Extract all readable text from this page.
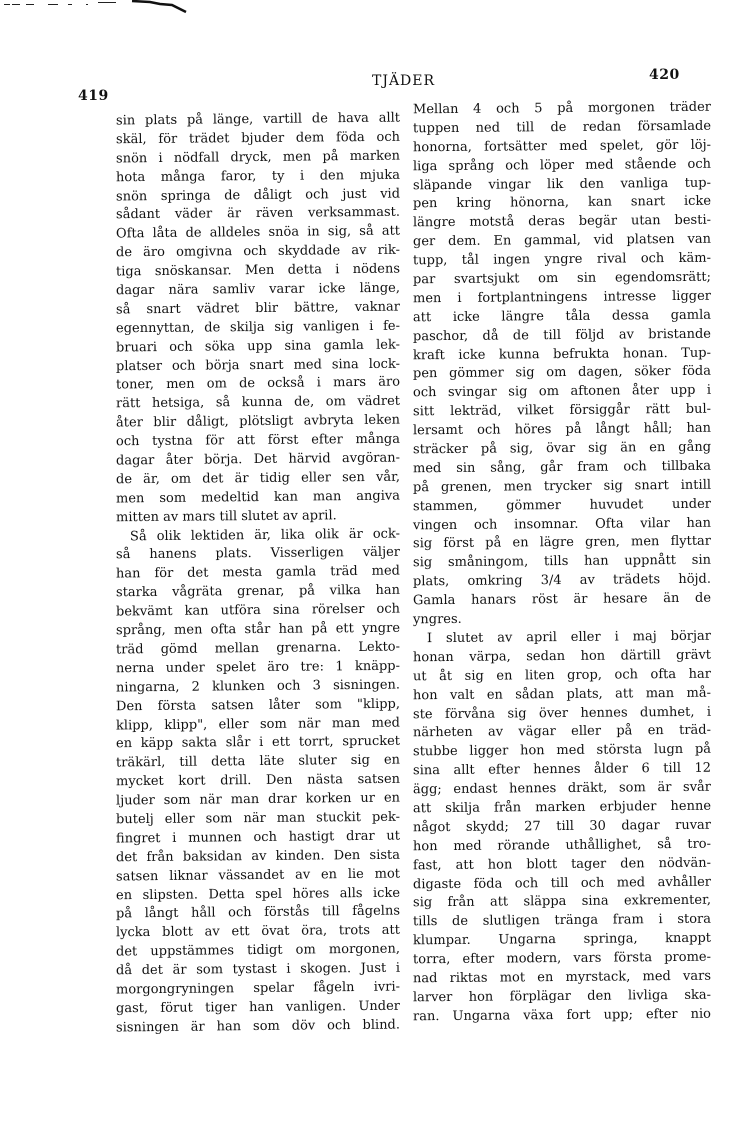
419
TJÄDER	420
sin plats på länge, vartill de hava allt
skäl, för trädet bjuder dem föda och
snön i nödfall dryck, men på marken
hota många faror, ty i den mjuka
snön springa de dåligt och just vid
sådant väder är räven verksammast.
Ofta låta de alldeles snöa in sig, så att
de äro omgivna och skyddade av rik-
tiga snöskansar. Men detta i nödens
dagar nära samliv varar icke länge,
så snart vädret blir bättre, vaknar
egennyttan, de skilja sig vanligen i fe-
bruari och söka upp sina gamla lek-
platser och börja snart med sina lock-
toner, men om de också i mars äro
rätt hetsiga, så kunna de, om vädret
åter blir dåligt, plötsligt avbryta leken
och tystna för att först efter många
dagar åter börja. Det härvid avgöran-
de är, om det är tidig eller sen vår,
men som medeltid kan man angiva
mitten av mars till slutet av april.
Så olik lektiden är, lika olik är ock-
så hanens plats. Visserligen väljer
han för det mesta gamla träd med
starka vågräta grenar, på vilka han
bekvämt kan utföra sina rörelser och
språng, men ofta står han på ett yngre
träd gömd mellan grenarna. Lekto-
nerna under spelet äro tre: 1 knäpp-
ningarna, 2 klunken och 3 sisningen.
Den första satsen låter som "klipp,
klipp, klipp", eller som när man med
en käpp sakta slår i ett torrt, sprucket
träkärl, till detta läte sluter sig en
mycket kort drill. Den nästa satsen
ljuder som när man drar korken ur en
butelj eller som när man stuckit pek-
fingret i munnen och hastigt drar ut
det från baksidan av kinden. Den sista
satsen liknar vässandet av en lie mot
en slipsten. Detta spel höres alls icke
på långt håll och förstås till fågelns
lycka blott av ett övat öra, trots att
det uppstämmes tidigt om morgonen,
då det är som tystast i skogen. Just i
morgongryningen spelar fågeln ivri-
gast, förut tiger han vanligen. Under
sisningen är han som döv och blind.
Mellan 4 och 5 på morgonen träder
tuppen ned till de redan församlade
honorna, fortsätter med spelet, gör löj-
liga språng och löper med stående och
släpande vingar lik den vanliga tup-
pen kring hönorna, kan snart icke
längre motstå deras begär utan besti-
ger dem. En gammal, vid platsen van
tupp, tål ingen yngre rival och käm-
par svartsjukt om sin egendomsrätt;
men i fortplantningens intresse ligger
att icke längre tåla dessa gamla
paschor, då de till följd av bristande
kraft icke kunna befrukta honan. Tup-
pen gömmer sig om dagen, söker föda
och svingar sig om aftonen åter upp i
sitt lekträd, vilket försiggår rätt bul-
lersamt och höres på långt håll; han
sträcker på sig, övar sig än en gång
med sin sång, går fram och tillbaka
på grenen, men trycker sig snart intill
stammen, gömmer huvudet under
vingen och insomnar. Ofta vilar han
sig först på en lägre gren, men flyttar
sig småningom, tills han uppnått sin
plats, omkring 3/4 av trädets höjd.
Gamla hanars röst är hesare än de
yngres.
I slutet av april eller i maj börjar
honan värpa, sedan hon därtill grävt
ut åt sig en liten grop, och ofta har
hon valt en sådan plats, att man må-
ste förvåna sig över hennes dumhet, i
närheten av vägar eller på en träd-
stubbe ligger hon med största lugn på
sina allt efter hennes ålder 6 till 12
ägg; endast hennes dräkt, som är svår
att skilja från marken erbjuder henne
något skydd; 27 till 30 dagar ruvar
hon med rörande uthållighet, så tro-
fast, att hon blott tager den nödvän-
digaste föda och till och med avhåller
sig från att släppa sina exkrementer,
tills de slutligen tränga fram i stora
klumpar. Ungarna springa, knappt
torra, efter modern, vars första prome-
nad riktas mot en myrstack, med vars
larver hon förplägar den livliga ska-
ran. Ungarna växa fort upp; efter nio
